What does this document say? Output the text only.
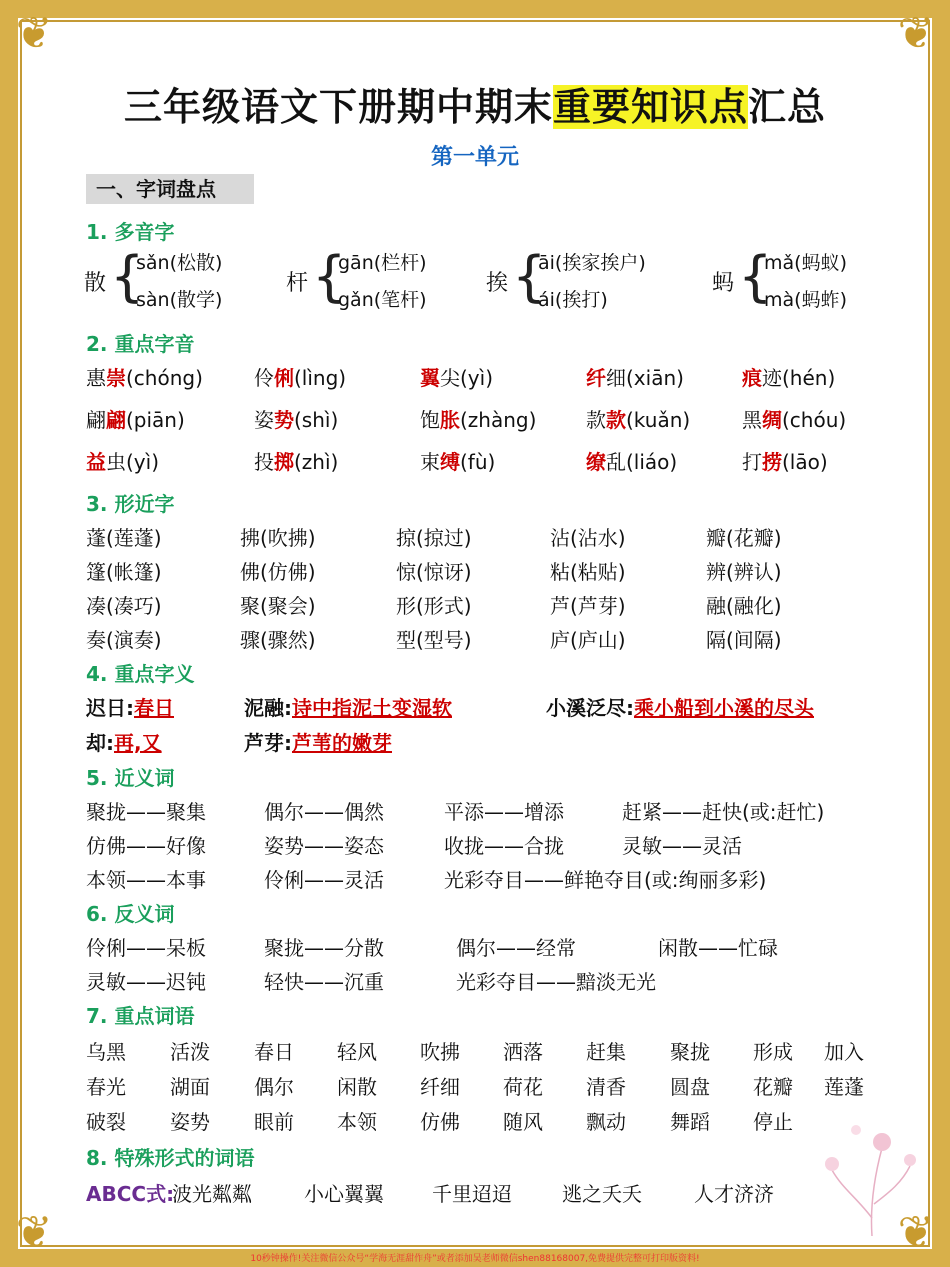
❦	❦
❦	❦
三年级语文下册期中期末重要知识点汇总
第一单元
一、字词盘点
1. 多音字
散 {
sǎn(松散)
sàn(散学)
杆 {
gān(栏杆)
gǎn(笔杆)
挨 {
āi(挨家挨户)
ái(挨打)
蚂 {
mǎ(蚂蚁)
mà(蚂蚱)
2. 重点字音
惠崇(chóng)	伶俐(lìng)	翼尖(yì)	纤细(xiān)	痕迹(hén)
翩翩(piān)	姿势(shì)	饱胀(zhàng) 款款(kuǎn)	黑绸(chóu)
益虫(yì)	投掷(zhì)	束缚(fù)	缭乱(liáo)	打捞(lāo)
3. 形近字
蓬(莲蓬)	拂(吹拂)	掠(掠过)	沾(沾水)	瓣(花瓣)
篷(帐篷)	佛(仿佛)	惊(惊讶)	粘(粘贴)	辨(辨认)
凑(凑巧)	聚(聚会)	形(形式)	芦(芦芽)	融(融化)
奏(演奏)	骤(骤然)	型(型号)	庐(庐山)	隔(间隔)
4. 重点字义
迟日:春日	泥融:诗中指泥土变湿软	小溪泛尽:乘小船到小溪的尽头
却:再,又	芦芽:芦苇的嫩芽
5. 近义词
聚拢——聚集	偶尔——偶然	平添——增添	赶紧——赶快(或:赶忙)
仿佛——好像	姿势——姿态	收拢——合拢	灵敏——灵活
本领——本事	伶俐——灵活	光彩夺目——鲜艳夺目(或:绚丽多彩)
6. 反义词
伶俐——呆板	聚拢——分散	偶尔——经常	闲散——忙碌
灵敏——迟钝	轻快——沉重	光彩夺目——黯淡无光
7. 重点词语
乌黑 活泼 春日 轻风 吹拂 洒落 赶集 聚拢 形成 加入
春光 湖面 偶尔 闲散 纤细 荷花 清香 圆盘 花瓣 莲蓬
破裂 姿势 眼前 本领 仿佛 随风 飘动 舞蹈 停止
8. 特殊形式的词语
ABCC式:
波光粼粼	小心翼翼 千里迢迢	逃之夭夭	人才济济
10秒钟操作!关注微信公众号“学海无涯甜作舟”或者添加吴老师微信shen88168007,免费提供完整可打印版资料!
